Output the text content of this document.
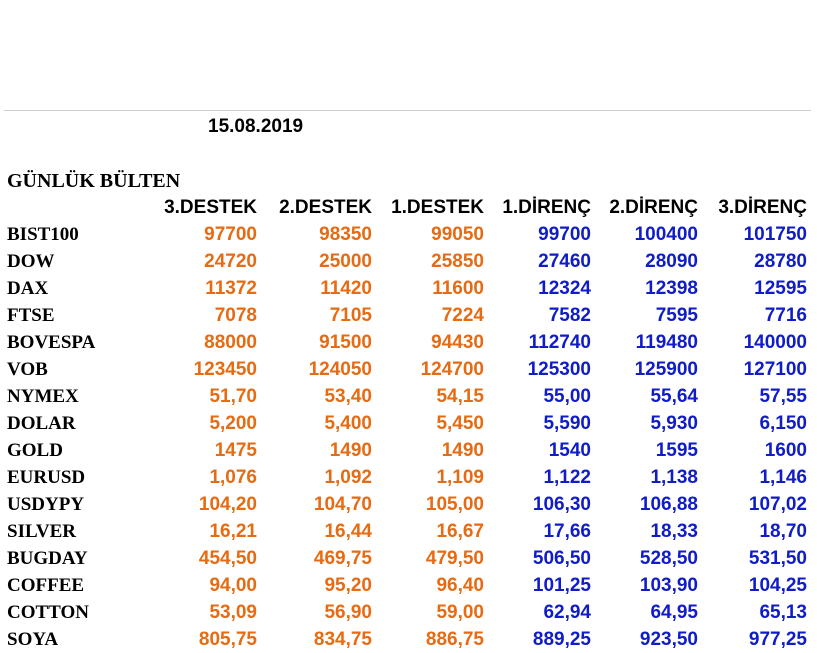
15.08.2019
GÜNLÜK BÜLTEN
	3.DESTEK	2.DESTEK	1.DESTEK	1.DİRENÇ	2.DİRENÇ	3.DİRENÇ
BIST100	97700	98350	99050	99700	100400	101750
DOW	24720	25000	25850	27460	28090	28780
DAX	11372	11420	11600	12324	12398	12595
FTSE	7078	7105	7224	7582	7595	7716
BOVESPA	88000	91500	94430	112740	119480	140000
VOB	123450	124050	124700	125300	125900	127100
NYMEX	51,70	53,40	54,15	55,00	55,64	57,55
DOLAR	5,200	5,400	5,450	5,590	5,930	6,150
GOLD	1475	1490	1490	1540	1595	1600
EURUSD	1,076	1,092	1,109	1,122	1,138	1,146
USDYPY	104,20	104,70	105,00	106,30	106,88	107,02
SILVER	16,21	16,44	16,67	17,66	18,33	18,70
BUGDAY	454,50	469,75	479,50	506,50	528,50	531,50
COFFEE	94,00	95,20	96,40	101,25	103,90	104,25
COTTON	53,09	56,90	59,00	62,94	64,95	65,13
SOYA	805,75	834,75	886,75	889,25	923,50	977,25
